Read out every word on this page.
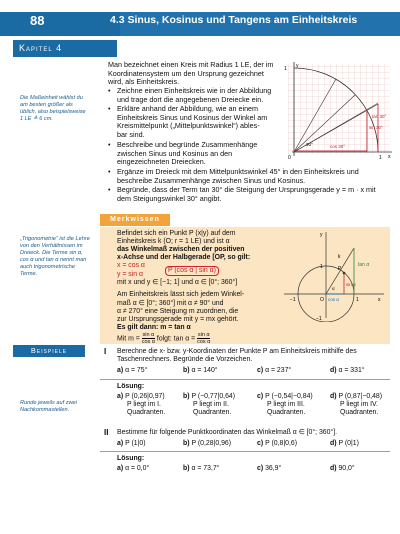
88	4.3 Sinus, Kosinus und Tangens am Einheitskreis
Kapitel 4
Die Maßeinheit wählst du am besten größer als üblich, also beispielsweise 1 LE ≙ 6 cm.
„Trigonometrie“ ist die Lehre von den Verhältnissen im Dreieck. Die Terme sin α, cos α und tan α nennt man auch trigonometrische Terme.
Runde jeweils auf zwei Nachkommastellen.
Man bezeichnet einen Kreis mit Radius 1 LE, der im
Koordinatensystem um den Ursprung gezeichnet
wird, als Einheitskreis.
• Zeichne einen Einheitskreis wie in der Abbildung
und trage dort die angegebenen Dreiecke ein.
• Erkläre anhand der Abbildung, wie an einem
Einheitskreis Sinus und Kosinus der Winkel am
Kreismittelpunkt („Mittelpunktswinkel“) ables-
bar sind.
• Beschreibe und begründe Zusammenhänge
zwischen Sinus und Kosinus an den
eingezeichneten Dreiecken.
• Ergänze im Dreieck mit dem Mittelpunktswinkel 45° in den Einheitskreis und
beschreibe Zusammenhänge zwischen Sinus und Kosinus.
• Begründe, dass der Term tan 30° die Steigung der Ursprungsgerade y = m · x mit
dem Steigungswinkel 30° angibt.
1
1
0
tan 30°
sin 30°
cos 30°
30°
y
x
Merkwissen
Befindet sich ein Punkt P (x|y) auf dem
Einheitskreis k (O; r = 1 LE) und ist α
das Winkelmaß zwischen der positiven
x-Achse und der Halbgerade [OP, so gilt:
x = cos α
y = sin α
P (cos α | sin α)
mit x und y ∈ [−1; 1] und α ∈ [0°; 360°]
Am Einheitskreis lässt sich jedem Winkel-
maß α ∈ [0°; 360°] mit α ≠ 90° und
α ≠ 270° eine Steigung m zuordnen, die
zur Ursprungsgerade mit y = mx gehört.
Es gilt dann: m = tan α
Mit $m = \frac{\text{sin α}}{\text{cos α}} folgt$: $\tan \alpha = \frac{\text{sin α}}{\text{cos α}}$
y
k
P
1	tan α
sin α
α
cos α
−1	O	1	x
−1
Beispiele	I Berechne die x- bzw. y-Koordinaten der Punkte P am Einheitskreis mithilfe des
Taschenrechners. Begründe die Vorzeichen.
a) α = 75°	b) α = 140°	c) α = 237°	d) α = 331°
Lösung:
a) P (0,26|0,97)
P liegt im I.
Quadranten.
b) P (−0,77|0,64)
P liegt im II.
Quadranten.
c) P (−0,54|−0,84)
P liegt im III.
Quadranten.
d) P (0,87|−0,48)
P liegt im IV.
Quadranten.
II Bestimme für folgende Punktkoordinaten das Winkelmaß α ∈ [0°; 360°].
a) P (1|0)	b) P (0,28|0,96)	c) P (0,8|0,6)	d) P (0|1)
Lösung:
a) α = 0,0°	b) α = 73,7°	c) 36,9°	d) 90,0°
